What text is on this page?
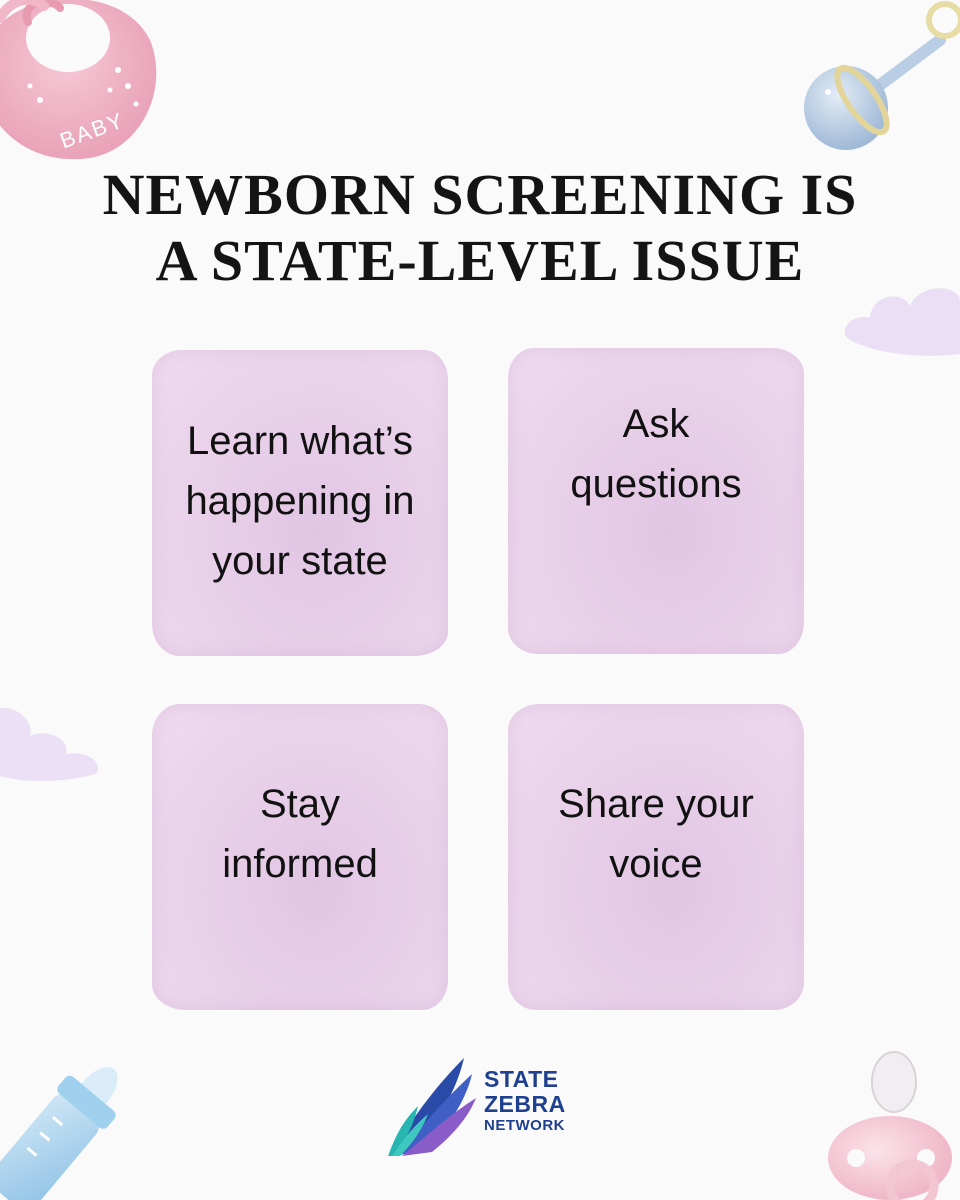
BABY
NEWBORN SCREENING IS
A STATE-LEVEL ISSUE
Learn what’s
happening in
your state
Ask
questions
Stay
informed
Share your
voice
STATE
ZEBRA
NETWORK
